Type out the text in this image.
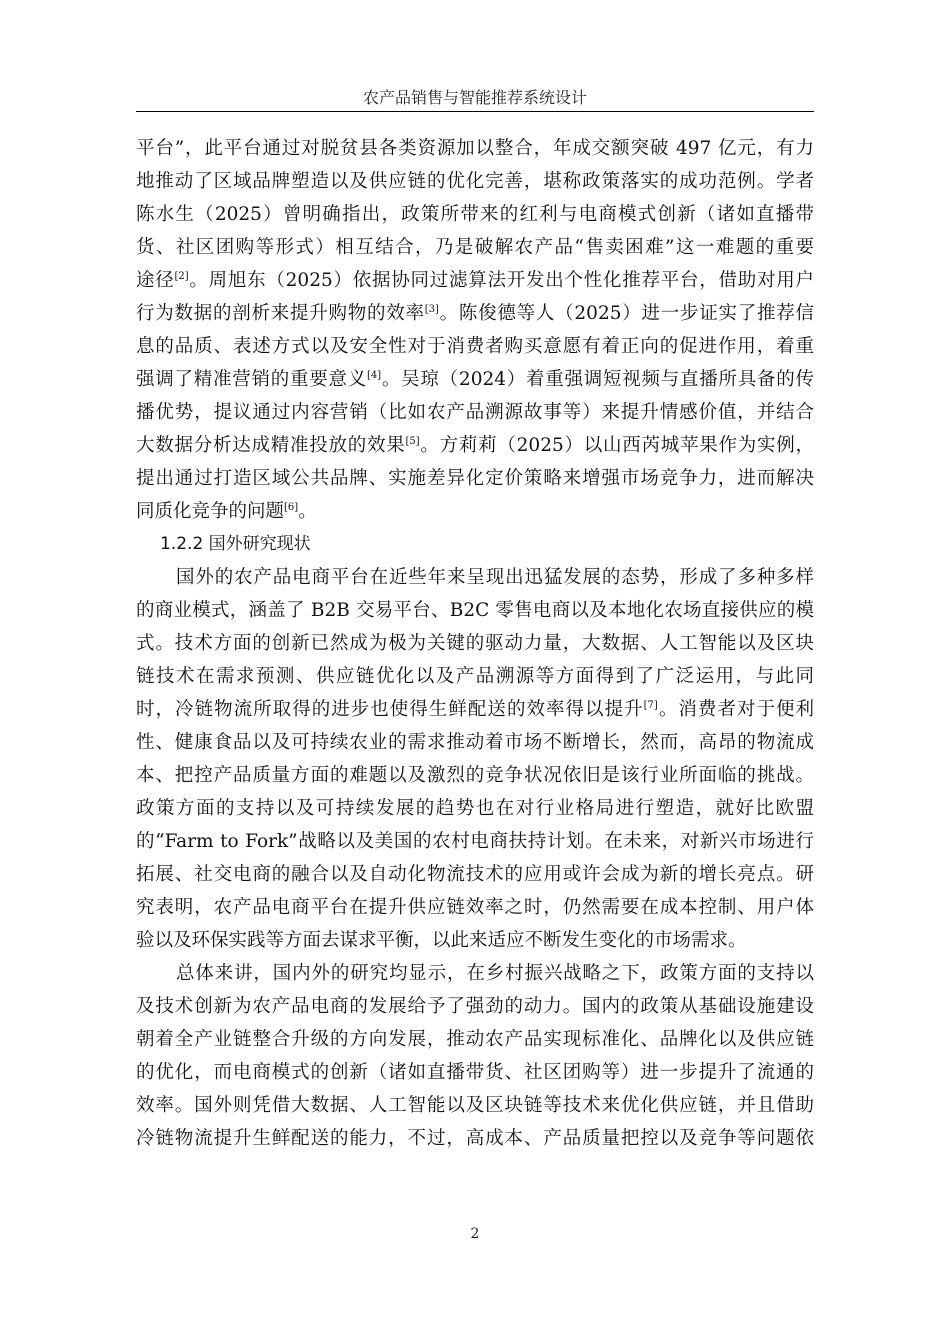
农产品销售与智能推荐系统设计
平台”，此平台通过对脱贫县各类资源加以整合，年成交额突破 497 亿元，有力
地推动了区域品牌塑造以及供应链的优化完善，堪称政策落实的成功范例。学者
陈水生（2025）曾明确指出，政策所带来的红利与电商模式创新（诸如直播带
货、社区团购等形式）相互结合，乃是破解农产品“售卖困难”这一难题的重要
途径[2]。周旭东（2025）依据协同过滤算法开发出个性化推荐平台，借助对用户
行为数据的剖析来提升购物的效率[3]。陈俊德等人（2025）进一步证实了推荐信
息的品质、表述方式以及安全性对于消费者购买意愿有着正向的促进作用，着重
强调了精准营销的重要意义[4]。吴琼（2024）着重强调短视频与直播所具备的传
播优势，提议通过内容营销（比如农产品溯源故事等）来提升情感价值，并结合
大数据分析达成精准投放的效果[5]。方莉莉（2025）以山西芮城苹果作为实例，
提出通过打造区域公共品牌、实施差异化定价策略来增强市场竞争力，进而解决
同质化竞争的问题[6]。
1.2.2 国外研究现状
国外的农产品电商平台在近些年来呈现出迅猛发展的态势，形成了多种多样
的商业模式，涵盖了 B2B 交易平台、B2C 零售电商以及本地化农场直接供应的模
式。技术方面的创新已然成为极为关键的驱动力量，大数据、人工智能以及区块
链技术在需求预测、供应链优化以及产品溯源等方面得到了广泛运用，与此同
时，冷链物流所取得的进步也使得生鲜配送的效率得以提升[7]。消费者对于便利
性、健康食品以及可持续农业的需求推动着市场不断增长，然而，高昂的物流成
本、把控产品质量方面的难题以及激烈的竞争状况依旧是该行业所面临的挑战。
政策方面的支持以及可持续发展的趋势也在对行业格局进行塑造，就好比欧盟
的“Farm to Fork”战略以及美国的农村电商扶持计划。在未来，对新兴市场进行
拓展、社交电商的融合以及自动化物流技术的应用或许会成为新的增长亮点。研
究表明，农产品电商平台在提升供应链效率之时，仍然需要在成本控制、用户体
验以及环保实践等方面去谋求平衡，以此来适应不断发生变化的市场需求。
总体来讲，国内外的研究均显示，在乡村振兴战略之下，政策方面的支持以
及技术创新为农产品电商的发展给予了强劲的动力。国内的政策从基础设施建设
朝着全产业链整合升级的方向发展，推动农产品实现标准化、品牌化以及供应链
的优化，而电商模式的创新（诸如直播带货、社区团购等）进一步提升了流通的
效率。国外则凭借大数据、人工智能以及区块链等技术来优化供应链，并且借助
冷链物流提升生鲜配送的能力，不过，高成本、产品质量把控以及竞争等问题依
2
